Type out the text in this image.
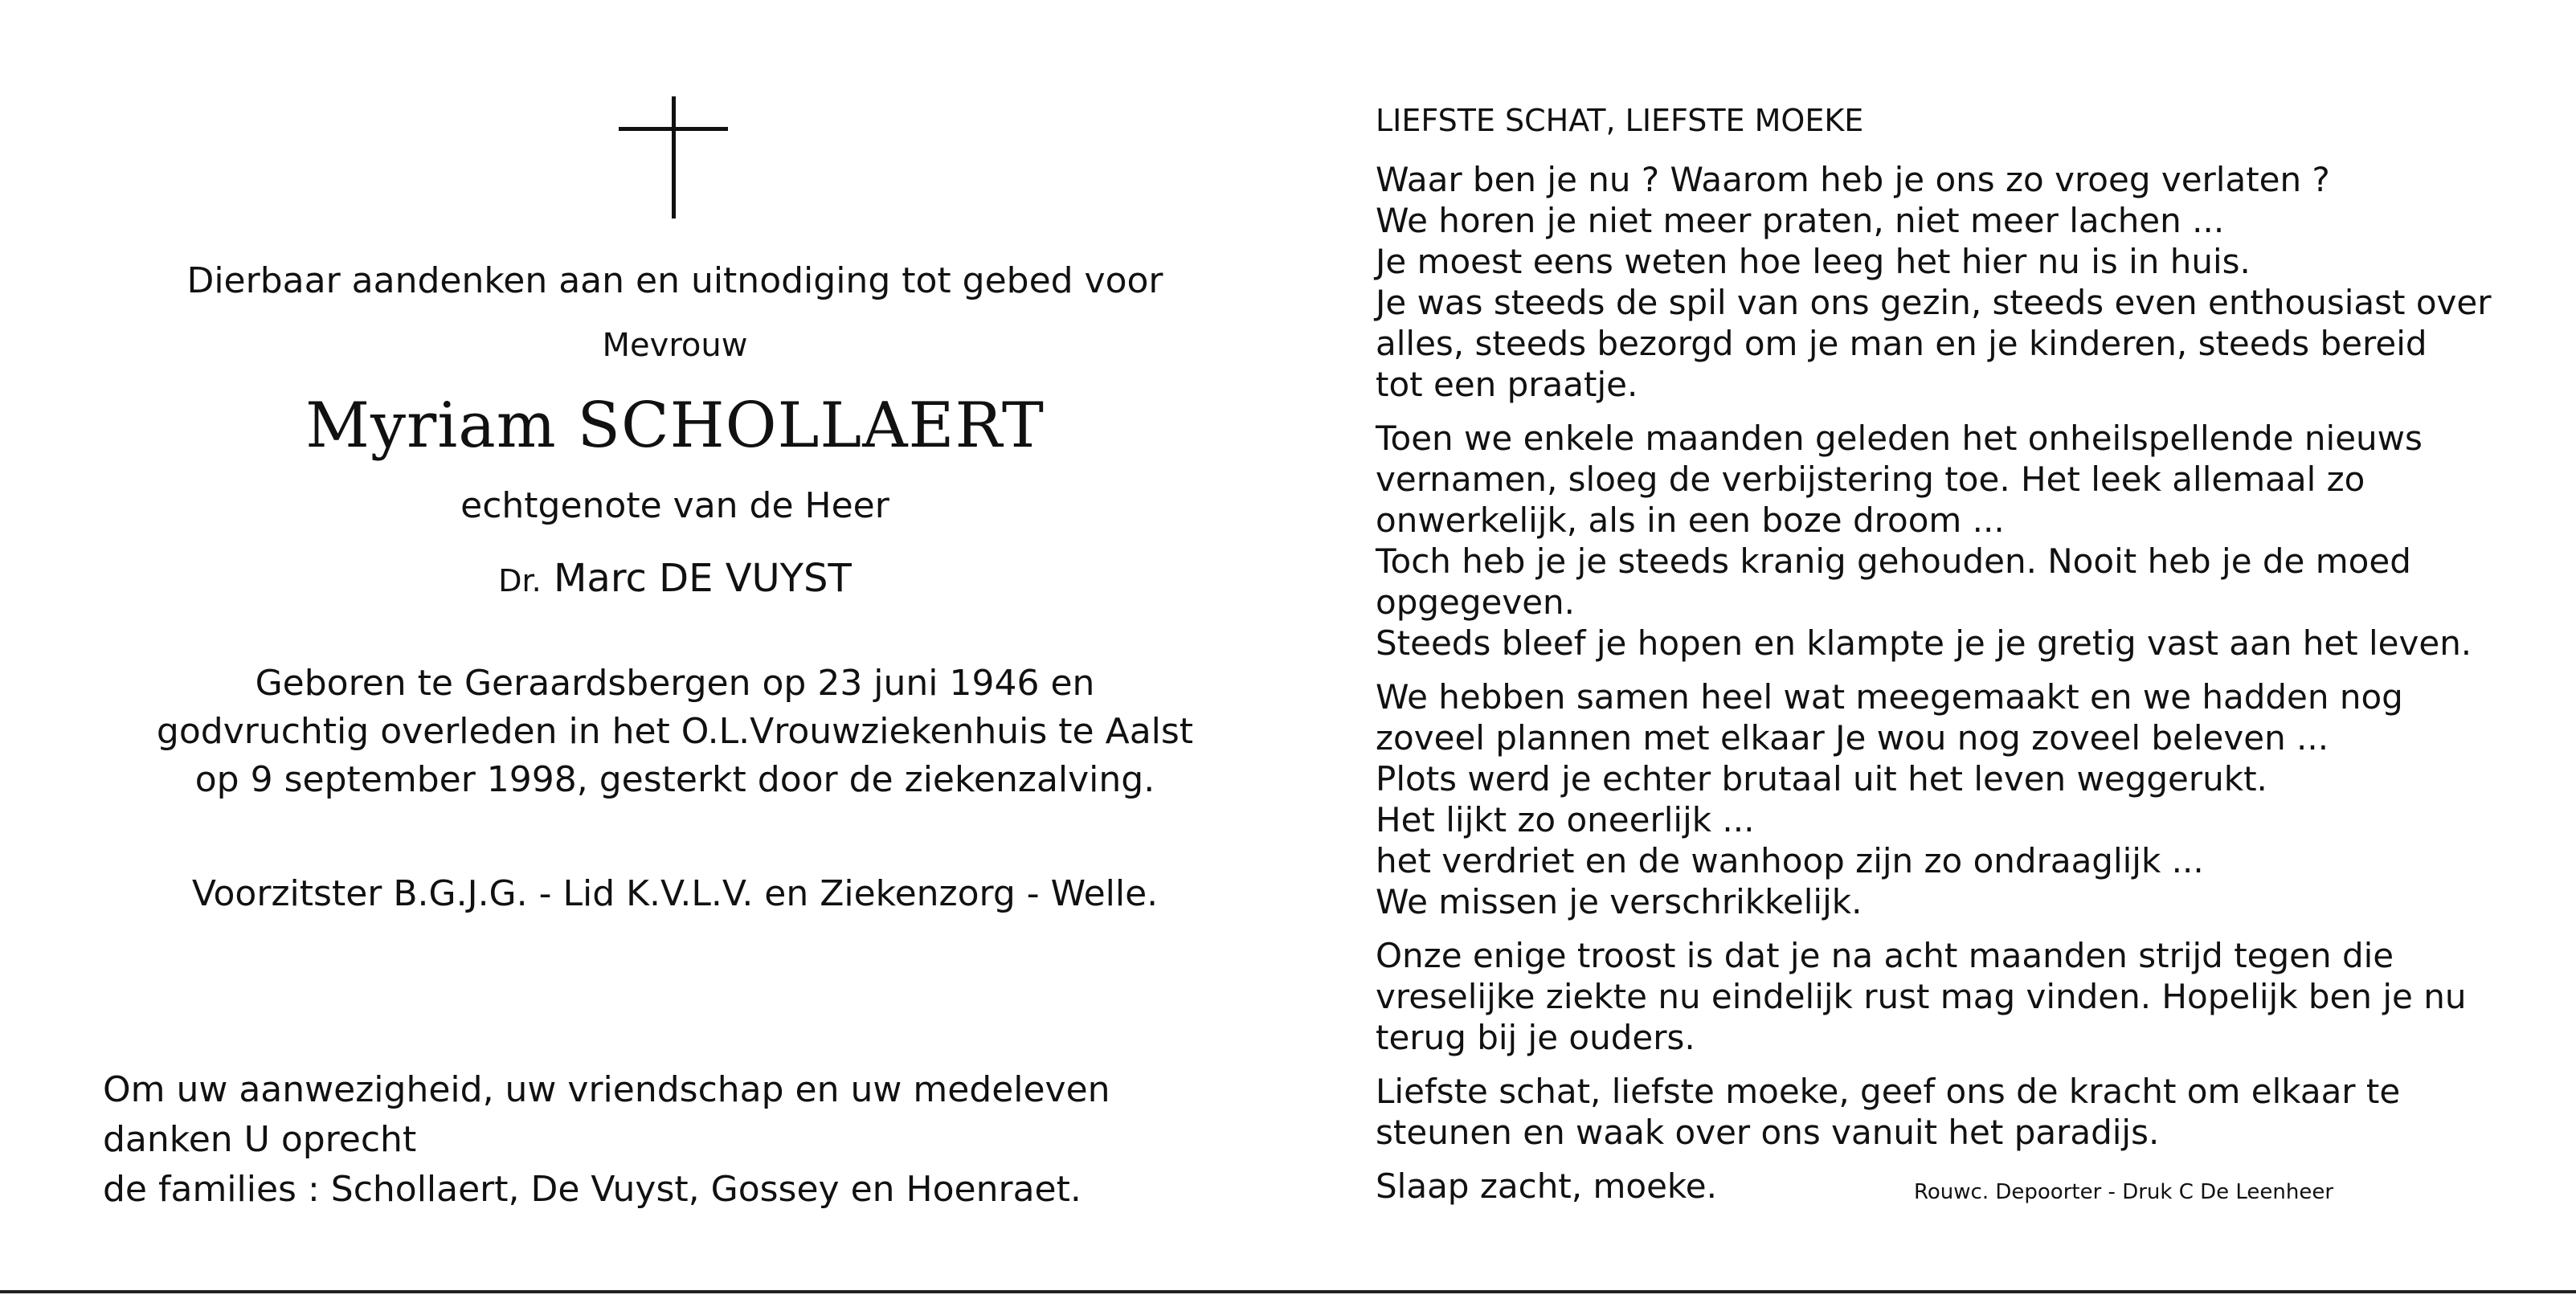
Dierbaar aandenken aan en uitnodiging tot gebed voor
Mevrouw
Myriam SCHOLLAERT
echtgenote van de Heer
Dr. Marc DE VUYST
Geboren te Geraardsbergen op 23 juni 1946 en
godvruchtig overleden in het O.L.Vrouwziekenhuis te Aalst
op 9 september 1998, gesterkt door de ziekenzalving.
Voorzitster B.G.J.G. - Lid K.V.L.V. en Ziekenzorg - Welle.
Om uw aanwezigheid, uw vriendschap en uw medeleven
danken U oprecht
de families : Schollaert, De Vuyst, Gossey en Hoenraet.
LIEFSTE SCHAT, LIEFSTE MOEKE
Waar ben je nu ? Waarom heb je ons zo vroeg verlaten ?
We horen je niet meer praten, niet meer lachen ...
Je moest eens weten hoe leeg het hier nu is in huis.
Je was steeds de spil van ons gezin, steeds even enthousiast over
alles, steeds bezorgd om je man en je kinderen, steeds bereid
tot een praatje.
Toen we enkele maanden geleden het onheilspellende nieuws
vernamen, sloeg de verbijstering toe. Het leek allemaal zo
onwerkelijk, als in een boze droom ...
Toch heb je je steeds kranig gehouden. Nooit heb je de moed
opgegeven.
Steeds bleef je hopen en klampte je je gretig vast aan het leven.
We hebben samen heel wat meegemaakt en we hadden nog
zoveel plannen met elkaar Je wou nog zoveel beleven ...
Plots werd je echter brutaal uit het leven weggerukt.
Het lijkt zo oneerlijk ...
het verdriet en de wanhoop zijn zo ondraaglijk ...
We missen je verschrikkelijk.
Onze enige troost is dat je na acht maanden strijd tegen die
vreselijke ziekte nu eindelijk rust mag vinden. Hopelijk ben je nu
terug bij je ouders.
Liefste schat, liefste moeke, geef ons de kracht om elkaar te
steunen en waak over ons vanuit het paradijs.
Slaap zacht, moeke.	Rouwc. Depoorter - Druk C De Leenheer
